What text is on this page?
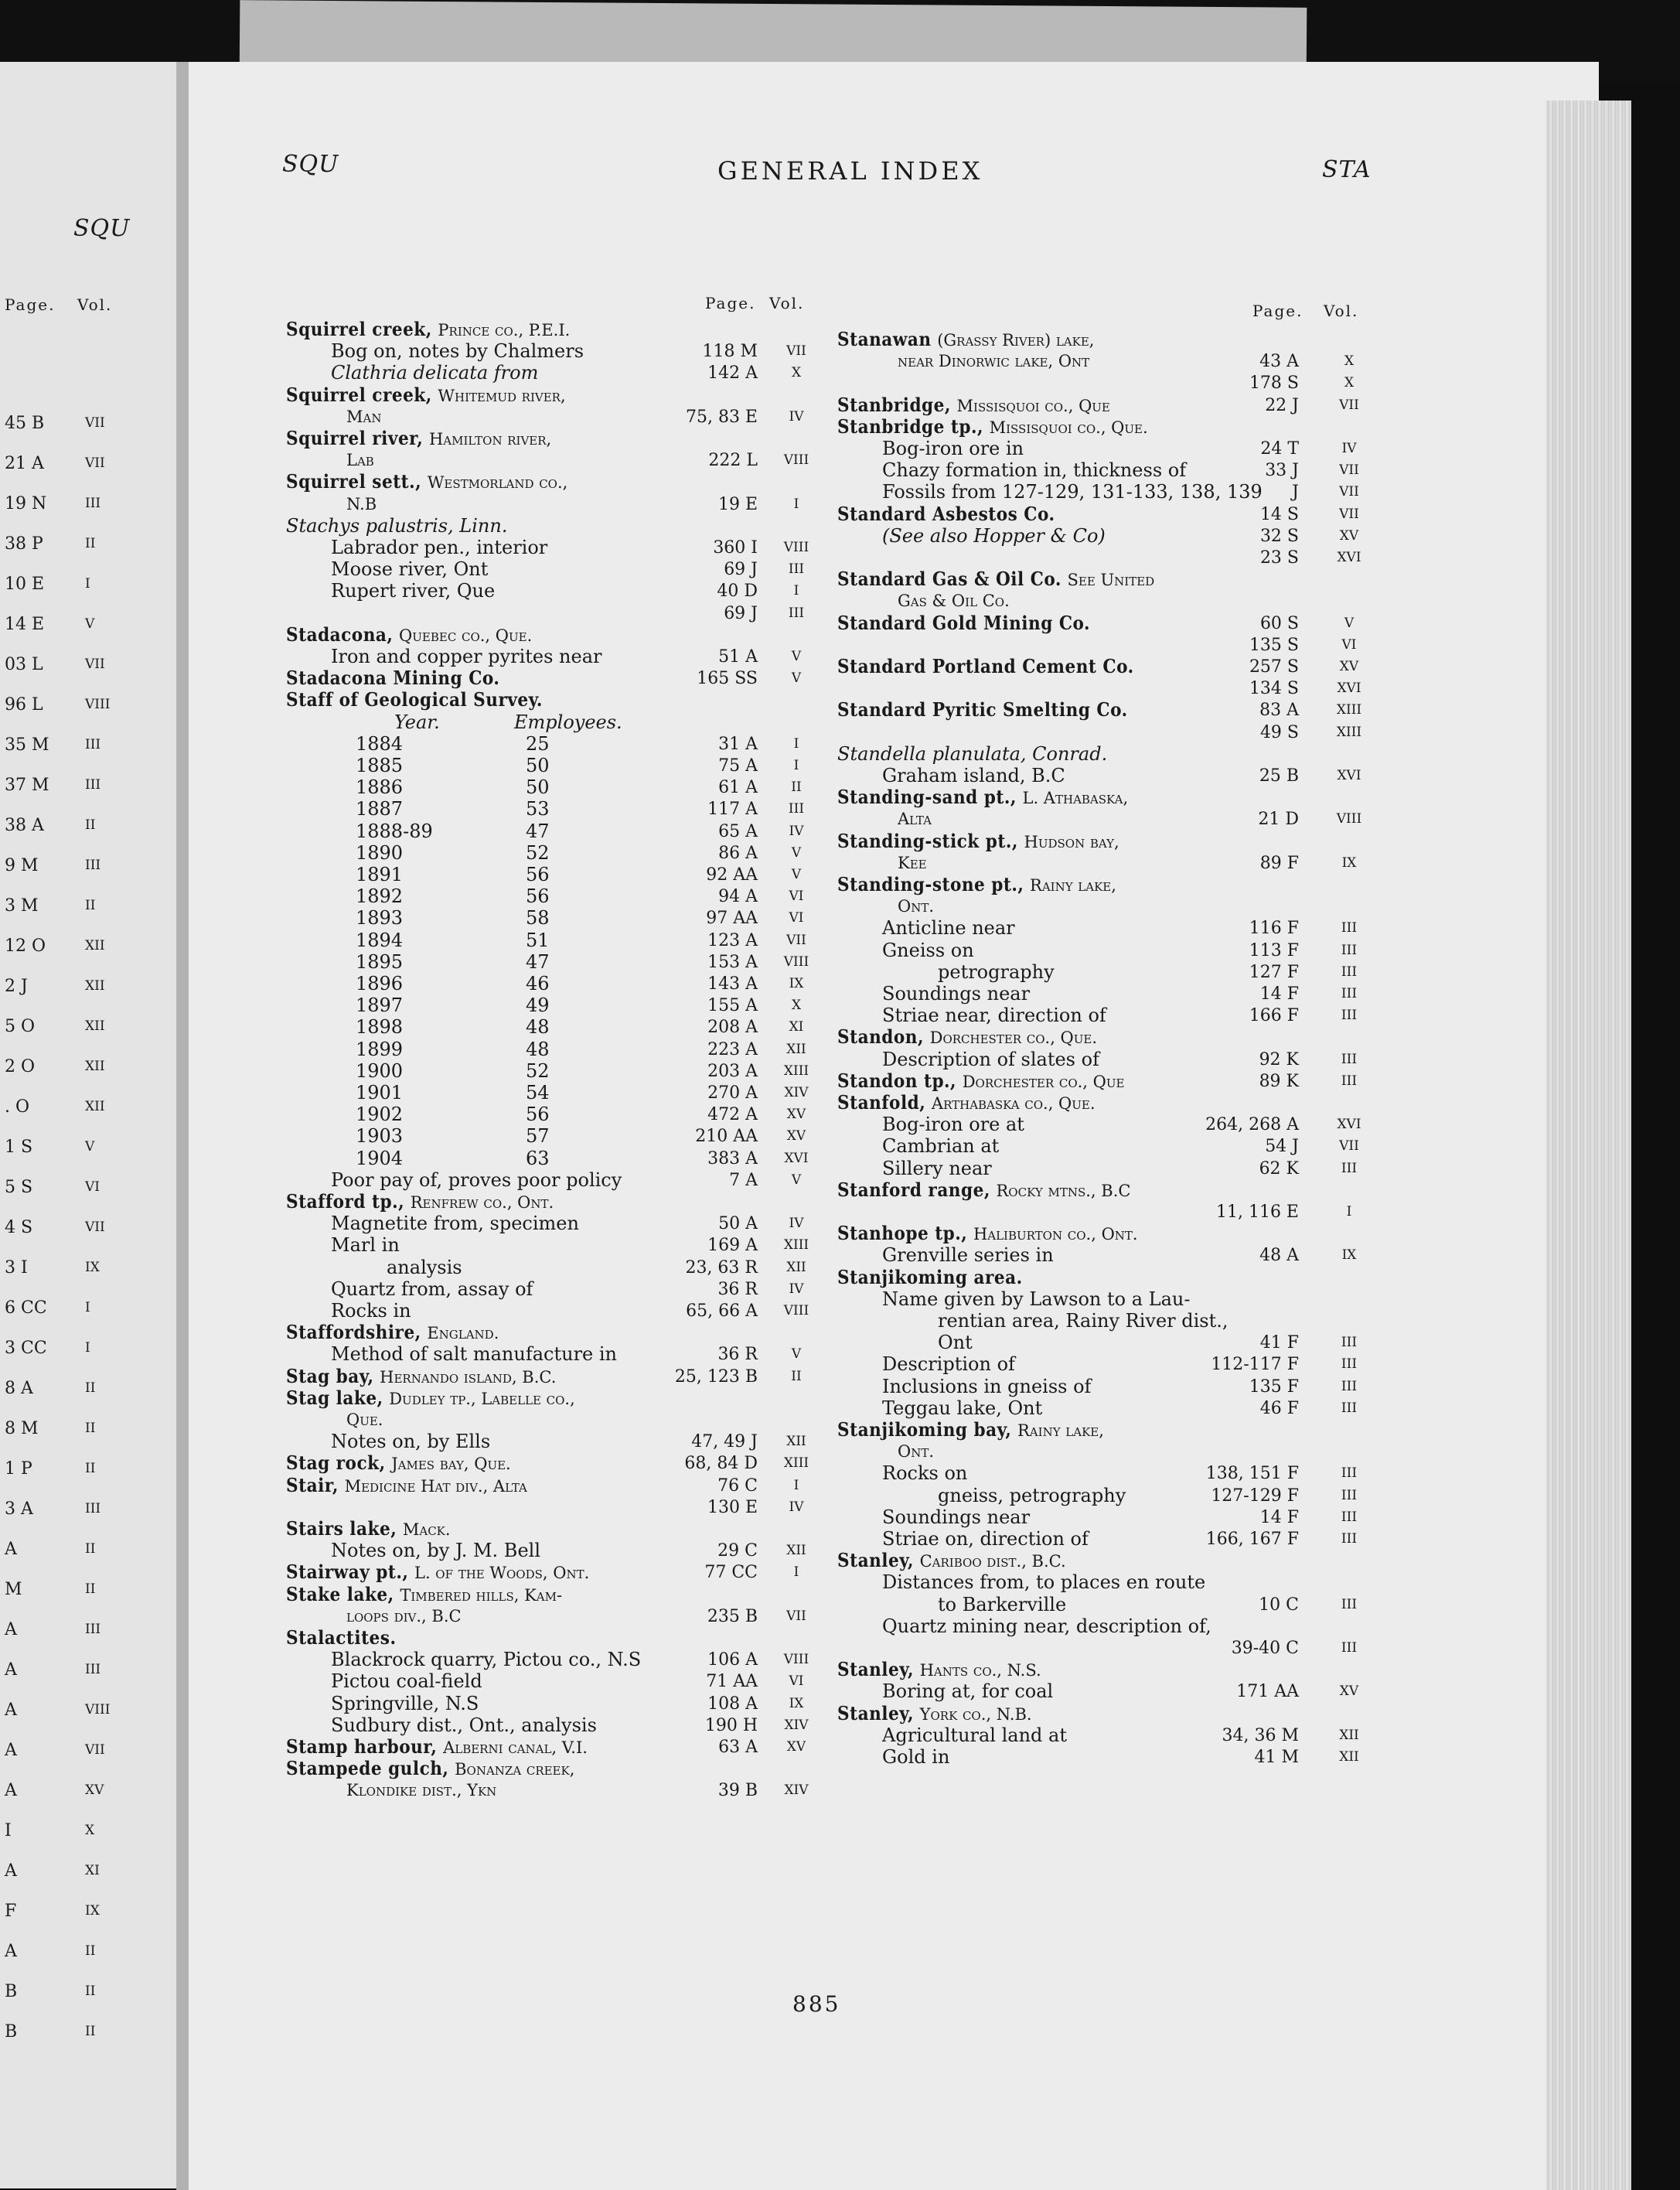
SQU
Page. Vol.
45 B	VII
21 A	VII
19 N	III
38 P	II
10 E	I
14 E	V
03 L	VII
96 L	VIII
35 M	III
37 M	III
38 A	II
9 M	III
3 M	II
12 O	XII
2 J	XII
5 O	XII
2 O	XII
. O	XII
1 S	V
5 S	VI
4 S	VII
3 I	IX
6 CC	I
3 CC	I
8 A	II
8 M	II
1 P	II
3 A	III
A	II
M	II
A	III
A	III
A	VIII
A	VII
A	XV
I	X
A	XI
F	IX
A	II
B	II
B	II
SQU	GENERAL INDEX	STA
Page. Vol.	Page. Vol.
Squirrel creek, Prince co., P.E.I.
Bog on, notes by Chalmers	118 M	VII
Clathria delicata from	142 A	X
Squirrel creek, Whitemud river,
Man	75, 83 E	IV
Squirrel river, Hamilton river,
Lab	222 L	VIII
Squirrel sett., Westmorland co.,
N.B	19 E	I
Stachys palustris, Linn.
Labrador pen., interior	360 I	VIII
Moose river, Ont	69 J	III
Rupert river, Que	40 D	I
69 J	III
Stadacona, Quebec co., Que.
Iron and copper pyrites near	51 A	V
Stadacona Mining Co.	165 SS	V
Staff of Geological Survey.
Year.	Employees.
1884	25	31 A	I
1885	50	75 A	I
1886	50	61 A	II
1887	53	117 A	III
1888-89	47	65 A	IV
1890	52	86 A	V
1891	56	92 AA	V
1892	56	94 A	VI
1893	58	97 AA	VI
1894	51	123 A	VII
1895	47	153 A	VIII
1896	46	143 A	IX
1897	49	155 A	X
1898	48	208 A	XI
1899	48	223 A	XII
1900	52	203 A	XIII
1901	54	270 A	XIV
1902	56	472 A	XV
1903	57	210 AA	XV
1904	63	383 A	XVI
Poor pay of, proves poor policy	7 A	V
Stafford tp., Renfrew co., Ont.
Magnetite from, specimen	50 A	IV
Marl in	169 A	XIII
analysis	23, 63 R	XII
Quartz from, assay of	36 R	IV
Rocks in	65, 66 A	VIII
Staffordshire, England.
Method of salt manufacture in	36 R	V
Stag bay, Hernando island, B.C.	25, 123 B	II
Stag lake, Dudley tp., Labelle co.,
Que.
Notes on, by Ells	47, 49 J	XII
Stag rock, James bay, Que.	68, 84 D	XIII
Stair, Medicine Hat div., Alta	76 C	I
130 E	IV
Stairs lake, Mack.
Notes on, by J. M. Bell	29 C	XII
Stairway pt., L. of the Woods, Ont.	77 CC	I
Stake lake, Timbered hills, Kam-
loops div., B.C	235 B	VII
Stalactites.
Blackrock quarry, Pictou co., N.S	106 A	VIII
Pictou coal-field	71 AA	VI
Springville, N.S	108 A	IX
Sudbury dist., Ont., analysis	190 H	XIV
Stamp harbour, Alberni canal, V.I.	63 A	XV
Stampede gulch, Bonanza creek,
Klondike dist., Ykn	39 B	XIV
Stanawan (Grassy River) lake,
near Dinorwic lake, Ont	43 A	X
178 S	X
Stanbridge, Missisquoi co., Que	22 J	VII
Stanbridge tp., Missisquoi co., Que.
Bog-iron ore in	24 T	IV
Chazy formation in, thickness of	33 J	VII
Fossils from 127-129, 131-133, 138, 139 J	VII
Standard Asbestos Co.	14 S	VII
(See also Hopper & Co)	32 S	XV
23 S	XVI
Standard Gas & Oil Co. See United
Gas & Oil Co.
Standard Gold Mining Co.	60 S	V
135 S	VI
Standard Portland Cement Co.	257 S	XV
134 S	XVI
Standard Pyritic Smelting Co.	83 A	XIII
49 S	XIII
Standella planulata, Conrad.
Graham island, B.C	25 B	XVI
Standing-sand pt., L. Athabaska,
Alta	21 D	VIII
Standing-stick pt., Hudson bay,
Kee	89 F	IX
Standing-stone pt., Rainy lake,
Ont.
Anticline near	116 F	III
Gneiss on	113 F	III
petrography	127 F	III
Soundings near	14 F	III
Striae near, direction of	166 F	III
Standon, Dorchester co., Que.
Description of slates of	92 K	III
Standon tp., Dorchester co., Que	89 K	III
Stanfold, Arthabaska co., Que.
Bog-iron ore at	264, 268 A	XVI
Cambrian at	54 J	VII
Sillery near	62 K	III
Stanford range, Rocky mtns., B.C
11, 116 E	I
Stanhope tp., Haliburton co., Ont.
Grenville series in	48 A	IX
Stanjikoming area.
Name given by Lawson to a Lau-
rentian area, Rainy River dist.,
Ont	41 F	III
Description of	112-117 F	III
Inclusions in gneiss of	135 F	III
Teggau lake, Ont	46 F	III
Stanjikoming bay, Rainy lake,
Ont.
Rocks on	138, 151 F	III
gneiss, petrography	127-129 F	III
Soundings near	14 F	III
Striae on, direction of	166, 167 F	III
Stanley, Cariboo dist., B.C.
Distances from, to places en route
to Barkerville	10 C	III
Quartz mining near, description of,
39-40 C	III
Stanley, Hants co., N.S.
Boring at, for coal	171 AA	XV
Stanley, York co., N.B.
Agricultural land at	34, 36 M	XII
Gold in	41 M	XII
885
